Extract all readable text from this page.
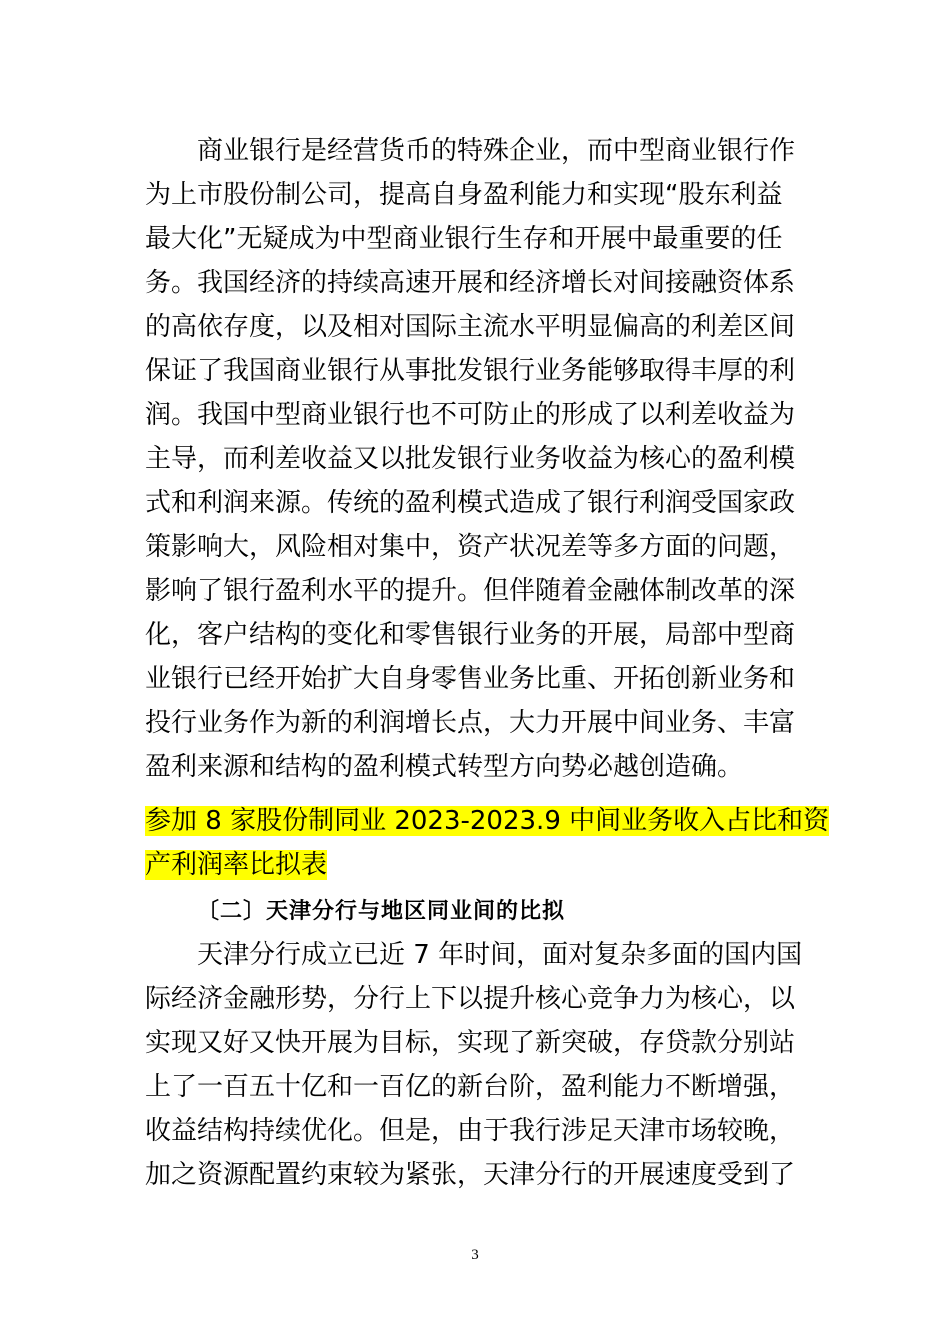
　　商业银行是经营货币的特殊企业，而中型商业银行作
为上市股份制公司，提高自身盈利能力和实现“股东利益
最大化”无疑成为中型商业银行生存和开展中最重要的任
务。我国经济的持续高速开展和经济增长对间接融资体系
的高依存度，以及相对国际主流水平明显偏高的利差区间
保证了我国商业银行从事批发银行业务能够取得丰厚的利
润。我国中型商业银行也不可防止的形成了以利差收益为
主导，而利差收益又以批发银行业务收益为核心的盈利模
式和利润来源。传统的盈利模式造成了银行利润受国家政
策影响大，风险相对集中，资产状况差等多方面的问题，
影响了银行盈利水平的提升。但伴随着金融体制改革的深
化，客户结构的变化和零售银行业务的开展，局部中型商
业银行已经开始扩大自身零售业务比重、开拓创新业务和
投行业务作为新的利润增长点，大力开展中间业务、丰富
盈利来源和结构的盈利模式转型方向势必越创造确。
参加 8 家股份制同业 2023-2023.9 中间业务收入占比和资
产利润率比拟表
〔二〕天津分行与地区同业间的比拟
　　天津分行成立已近 7 年时间，面对复杂多面的国内国
际经济金融形势，分行上下以提升核心竞争力为核心，以
实现又好又快开展为目标，实现了新突破，存贷款分别站
上了一百五十亿和一百亿的新台阶，盈利能力不断增强，
收益结构持续优化。但是，由于我行涉足天津市场较晚，
加之资源配置约束较为紧张，天津分行的开展速度受到了
3
